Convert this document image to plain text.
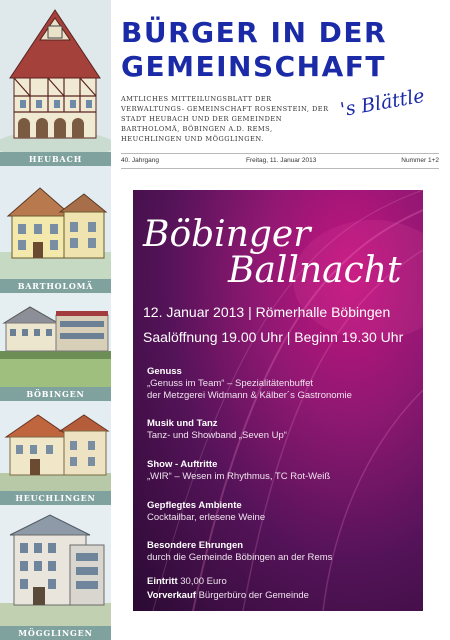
HEUBACH
BARTHOLOMÄ
BÖBINGEN
HEUCHLINGEN
MÖGGLINGEN
BÜRGER IN DER
GEMEINSCHAFT
AMTLICHES MITTEILUNGSBLATT DER VERWALTUNGS- GEMEINSCHAFT ROSENSTEIN, DER STADT HEUBACH UND DER GEMEINDEN BARTHOLOMÄ, BÖBINGEN A.D. REMS, HEUCHLINGEN UND MÖGGLINGEN.
's Blättle
40. Jahrgang	Freitag, 11. Januar 2013	Nummer 1+2
Böbinger
Ballnacht
12. Januar 2013 | Römerhalle Böbingen
Saalöffnung 19.00 Uhr | Beginn 19.30 Uhr
Genuss
„Genuss im Team“ – Spezialitätenbuffet
der Metzgerei Widmann & Kälber´s Gastronomie
Musik und Tanz
Tanz- und Showband „Seven Up“
Show - Auftritte
„WIR“ – Wesen im Rhythmus, TC Rot-Weiß
Gepflegtes Ambiente
Cocktailbar, erlesene Weine
Besondere Ehrungen
durch die Gemeinde Böbingen an der Rems
Eintritt 30,00 Euro
Vorverkauf Bürgerbüro der Gemeinde
